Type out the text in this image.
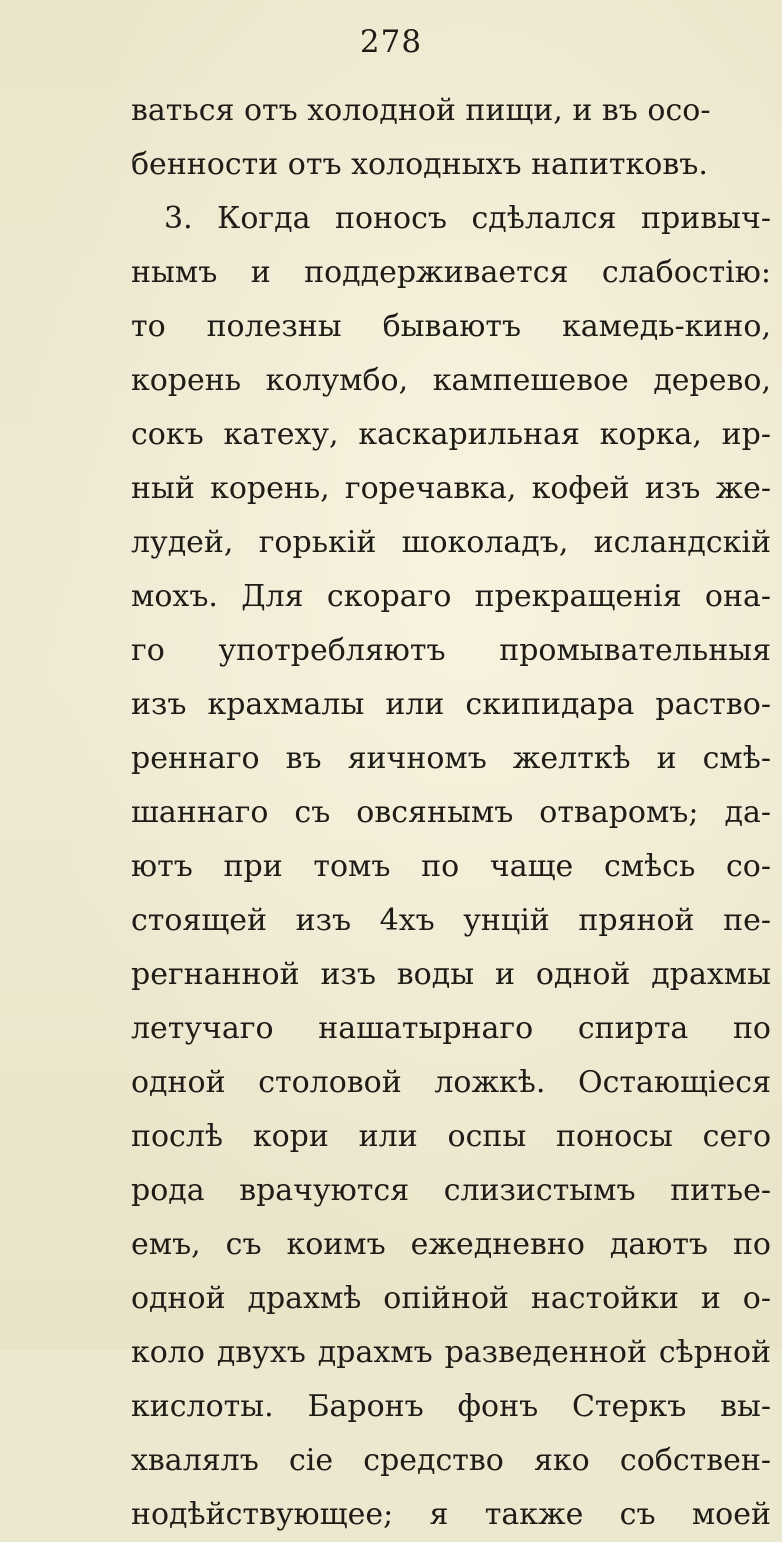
278
ваться отъ холодной пищи, и въ осо-
бенности отъ холодныхъ напитковъ.
3. Когда поносъ сдѣлался привыч-
нымъ и поддерживается слабостію:
то полезны бываютъ камедь-кино,
корень колумбо, кампешевое дерево,
сокъ катеху, каскарильная корка, ир-
ный корень, горечавка, кофей изъ же-
лудей, горькій шоколадъ, исландскій
мохъ. Для скораго прекращенія она-
го употребляютъ промывательныя
изъ крахмалы или скипидара раство-
реннаго въ яичномъ желткѣ и смѣ-
шаннаго съ овсянымъ отваромъ; да-
ютъ при томъ по чаще смѣсь со-
стоящей изъ 4хъ унцій пряной пе-
регнанной изъ воды и одной драхмы
летучаго нашатырнаго спирта по
одной столовой ложкѣ. Остающіеся
послѣ кори или оспы поносы сего
рода врачуются слизистымъ питье-
емъ, съ коимъ ежедневно даютъ по
одной драхмѣ опійной настойки и о-
коло двухъ драхмъ разведенной сѣрной
кислоты. Баронъ фонъ Стеркъ вы-
хвалялъ сіе средство яко собствен-
нодѣйствующее; я также съ моей
